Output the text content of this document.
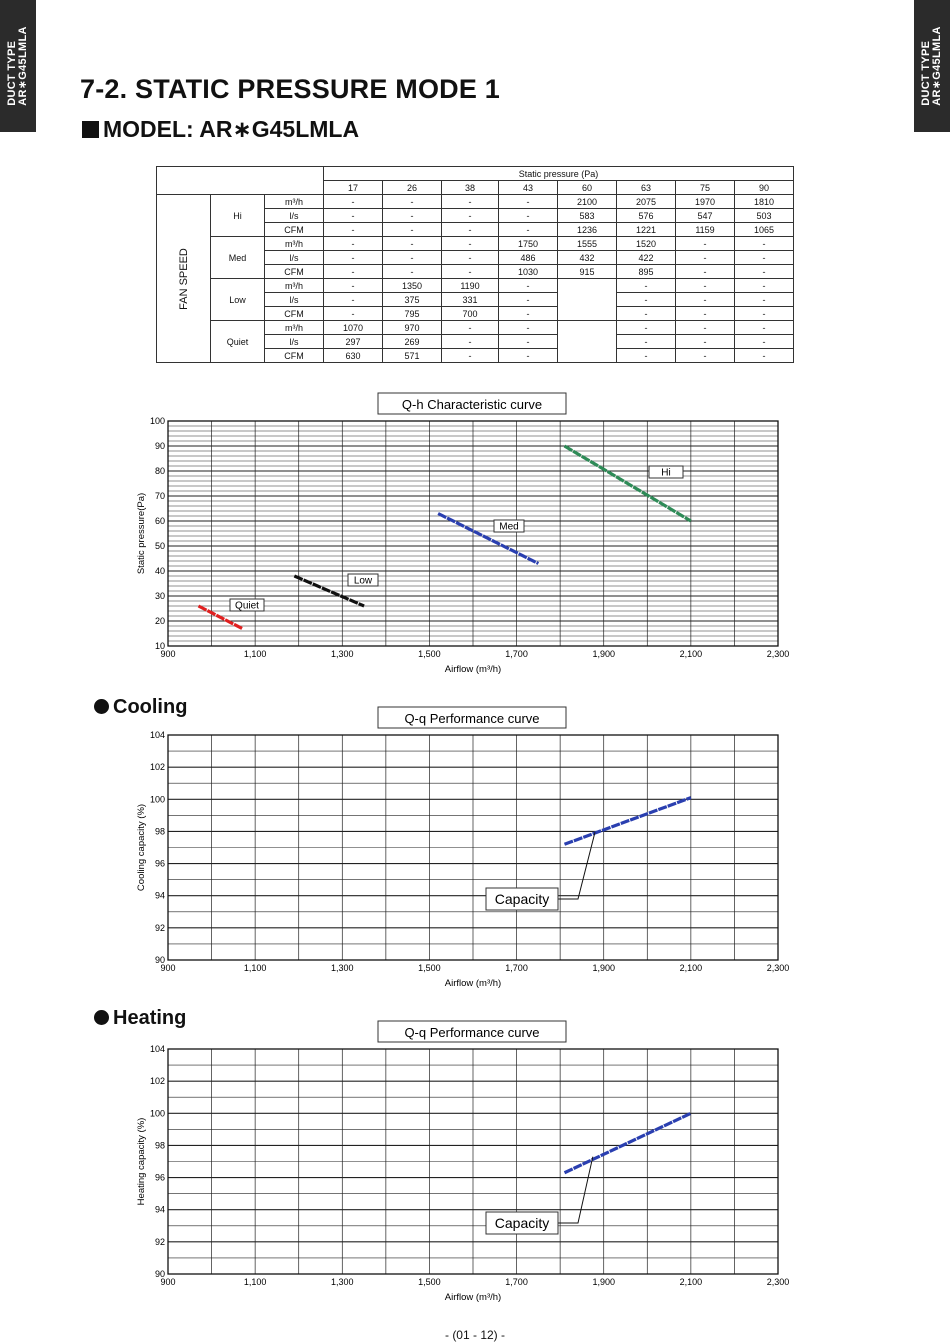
DUCT TYPE
AR∗G45LMLA	DUCT TYPE
AR∗G45LMLA
7-2. STATIC PRESSURE MODE 1
MODEL: AR∗G45LMLA
			Static pressure (Pa)							
			17	26	38	43	60	63	75	90

FAN SPEED	Hi	m³/h	-	-	-	-	2100	2075	1970	1810
		l/s	-	-	-	-	583	576	547	503
		CFM	-	-	-	-	1236	1221	1159	1065
	Med	m³/h	-	-	-	1750	1555	1520	-	-
		l/s	-	-	-	486	432	422	-	-
		CFM	-	-	-	1030	915	895	-	-
	Low	m³/h	-	1350	1190	-		-	-	-
		l/s	-	375	331	-		-	-	-
		CFM	-	795	700	-		-	-	-
	Quiet	m³/h	1070	970	-	-		-	-	-
		l/s	297	269	-	-		-	-	-
		CFM	630	571	-	-		-	-	-
Q-h Characteristic curve
100
90
80
70
60
50
40
30
20
10
900	1,100	1,300	1,500	1,700	1,900	2,100	2,300
Airflow (m³/h)
Static pressure(Pa)
Quiet
Low
Med
Hi
Cooling
Q-q Performance curve
104
102
100
98
96
94
92
90
900	1,100	1,300	1,500	1,700	1,900	2,100	2,300
Airflow (m³/h)
Cooling capacity (%)
Capacity
Heating
Q-q Performance curve
104
102
100
98
96
94
92
90
900	1,100	1,300	1,500	1,700	1,900	2,100	2,300
Airflow (m³/h)
Heating capacity (%)
Capacity
- (01 - 12) -
